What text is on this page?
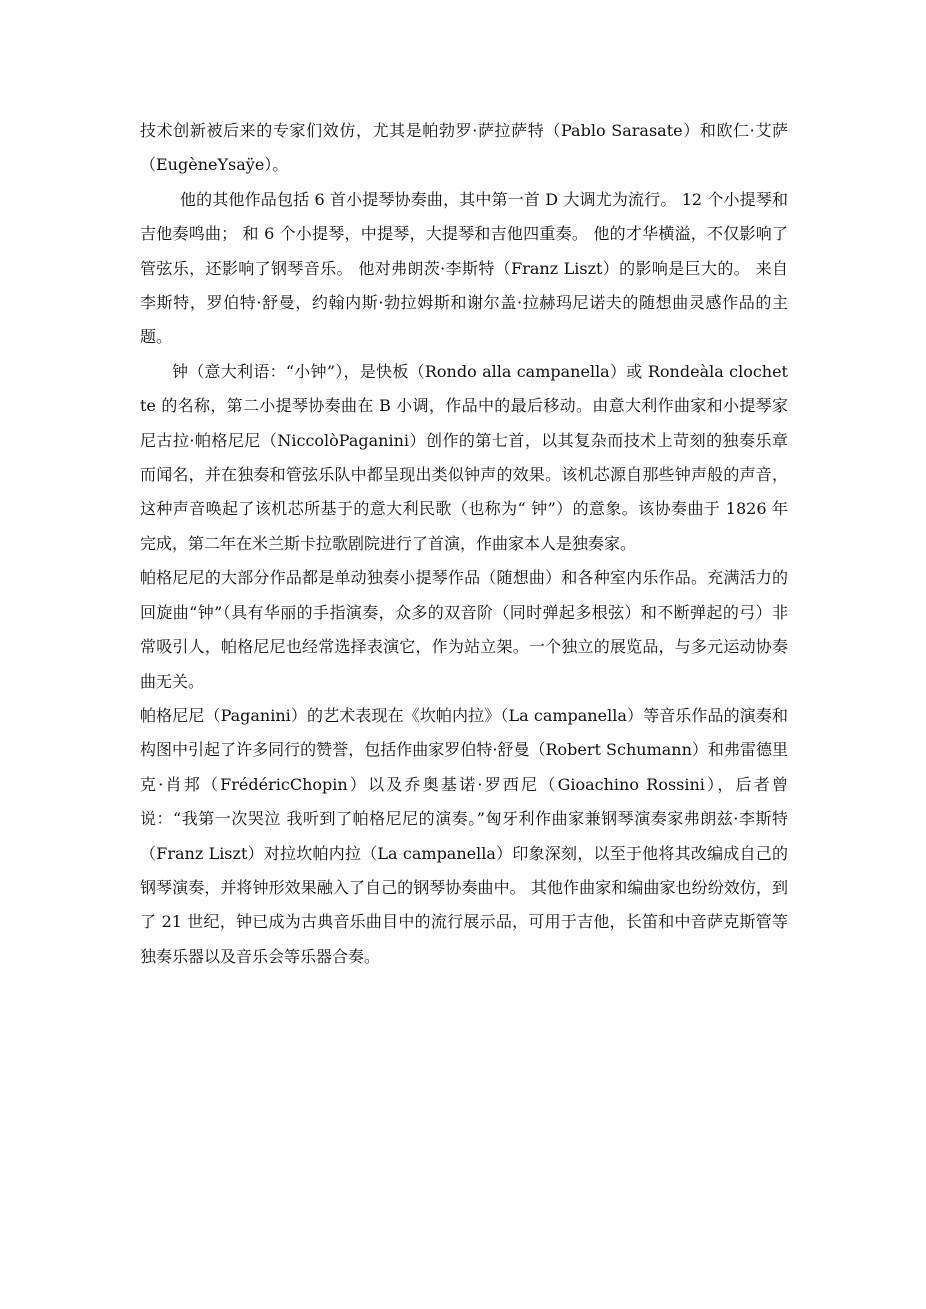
技术创新被后来的专家们效仿，尤其是帕勃罗·萨拉萨特（Pablo Sarasate）和欧仁·艾萨（EugèneYsaÿe）。

他的其他作品包括 6 首小提琴协奏曲，其中第一首 D 大调尤为流行。 12 个小提琴和吉他奏鸣曲； 和 6 个小提琴，中提琴，大提琴和吉他四重奏。 他的才华横溢，不仅影响了管弦乐，还影响了钢琴音乐。 他对弗朗茨·李斯特（Franz Liszt）的影响是巨大的。 来自李斯特，罗伯特·舒曼，约翰内斯·勃拉姆斯和谢尔盖·拉赫玛尼诺夫的随想曲灵感作品的主题。

钟（意大利语：“小钟”），是快板（Rondo alla campanella）或 Rondeàla clochette 的名称，第二小提琴协奏曲在 B 小调，作品中的最后移动。由意大利作曲家和小提琴家尼古拉·帕格尼尼（NiccolòPaganini）创作的第七首，以其复杂而技术上苛刻的独奏乐章而闻名，并在独奏和管弦乐队中都呈现出类似钟声的效果。该机芯源自那些钟声般的声音，这种声音唤起了该机芯所基于的意大利民歌（也称为“ 钟”）的意象。该协奏曲于 1826 年完成，第二年在米兰斯卡拉歌剧院进行了首演，作曲家本人是独奏家。

帕格尼尼的大部分作品都是单动独奏小提琴作品（随想曲）和各种室内乐作品。充满活力的回旋曲“钟”（具有华丽的手指演奏，众多的双音阶（同时弹起多根弦）和不断弹起的弓）非常吸引人，帕格尼尼也经常选择表演它，作为站立架。一个独立的展览品，与多元运动协奏曲无关。

帕格尼尼（Paganini）的艺术表现在《坎帕内拉》（La campanella）等音乐作品的演奏和构图中引起了许多同行的赞誉，包括作曲家罗伯特·舒曼（Robert Schumann）和弗雷德里克·肖邦（FrédéricChopin）以及乔奥基诺·罗西尼（Gioachino Rossini），后者曾说：“我第一次哭泣 我听到了帕格尼尼的演奏。”匈牙利作曲家兼钢琴演奏家弗朗兹·李斯特（Franz Liszt）对拉坎帕内拉（La campanella）印象深刻，以至于他将其改编成自己的钢琴演奏，并将钟形效果融入了自己的钢琴协奏曲中。 其他作曲家和编曲家也纷纷效仿，到了 21 世纪，钟已成为古典音乐曲目中的流行展示品，可用于吉他，长笛和中音萨克斯管等独奏乐器以及音乐会等乐器合奏。
